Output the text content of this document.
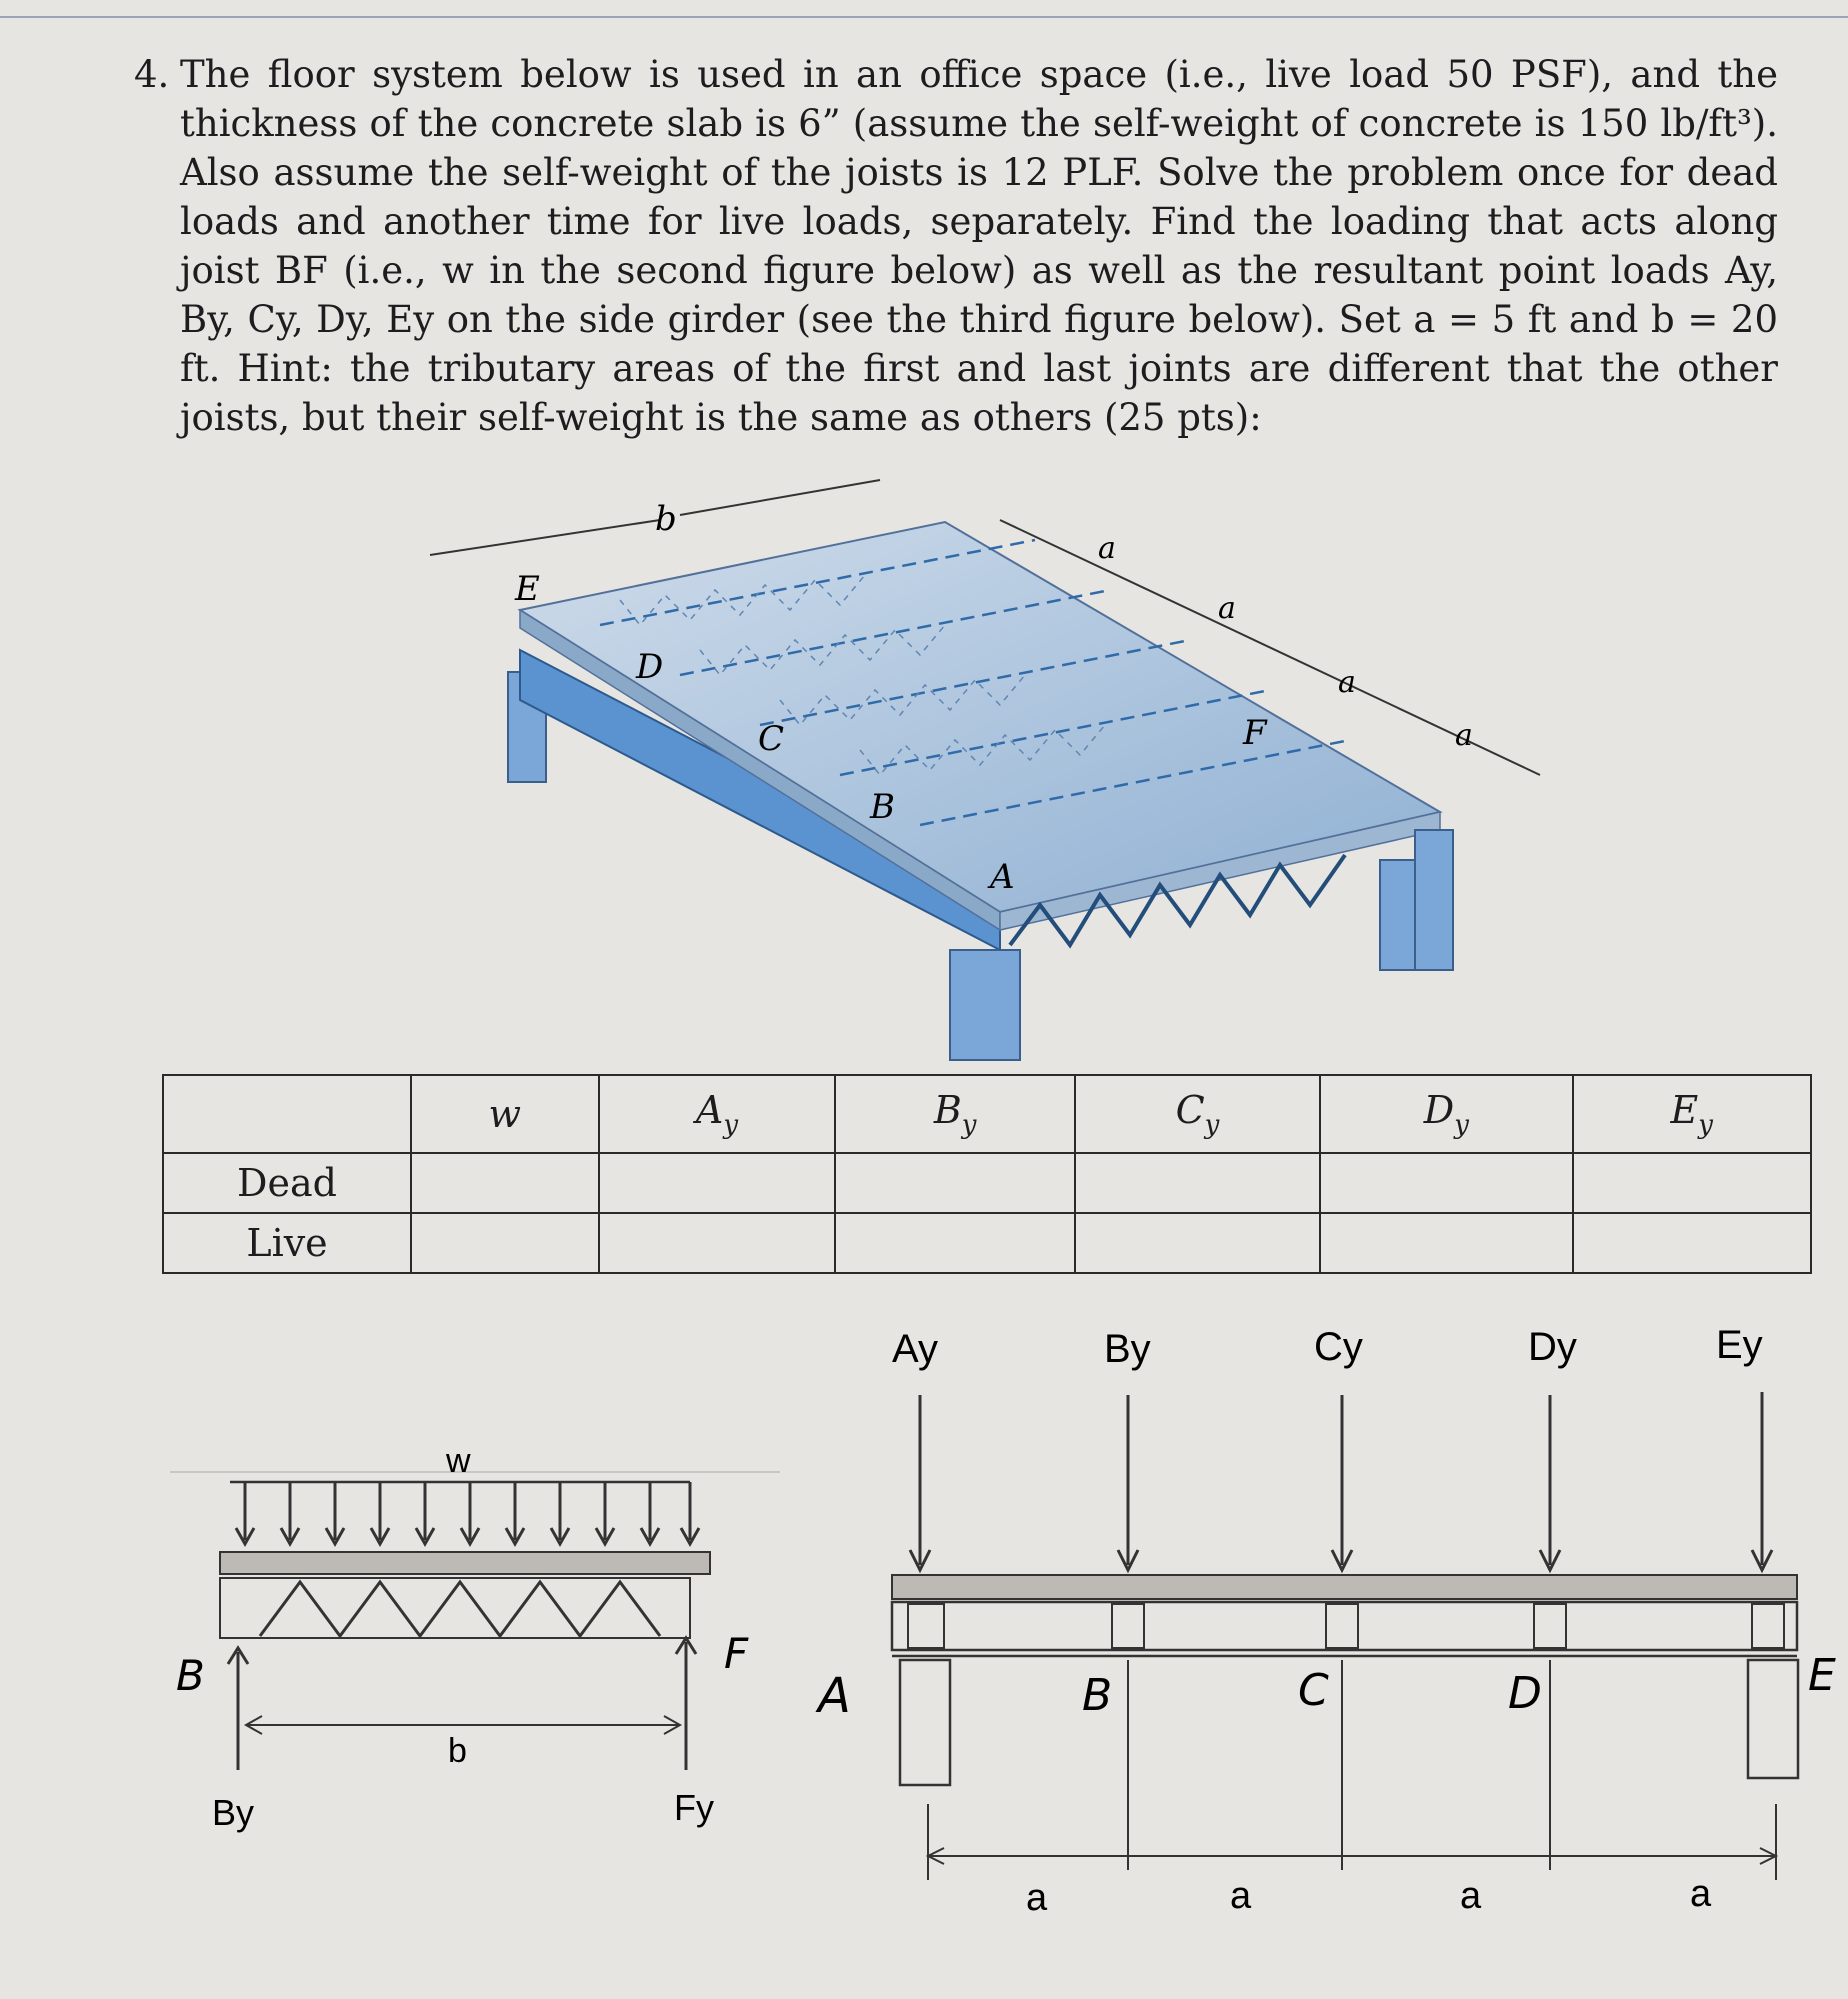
4. The floor system below is used in an office space (i.e., live load 50 PSF), and the thickness of the concrete slab is 6” (assume the self-weight of concrete is 150 lb/ft³). Also assume the self-weight of the joists is 12 PLF. Solve the problem once for dead loads and another time for live loads, separately. Find the loading that acts along joist BF (i.e., w in the second figure below) as well as the resultant point loads Ay, By, Cy, Dy, Ey on the side girder (see the third figure below). Set a = 5 ft and b = 20 ft. Hint: the tributary areas of the first and last joints are different that the other joists, but their self-weight is the same as others (25 pts):
b
a
a
a
a
E
D
C
B
A
F
	w	$A_y$	$B_y$	$C_y$	$D_y$	$E_y$
Dead						
Live						
w
B	F
b
By	Fy
Ay	By	Cy	Dy	Ey
A	B	C	D	E
a	a	a	a
